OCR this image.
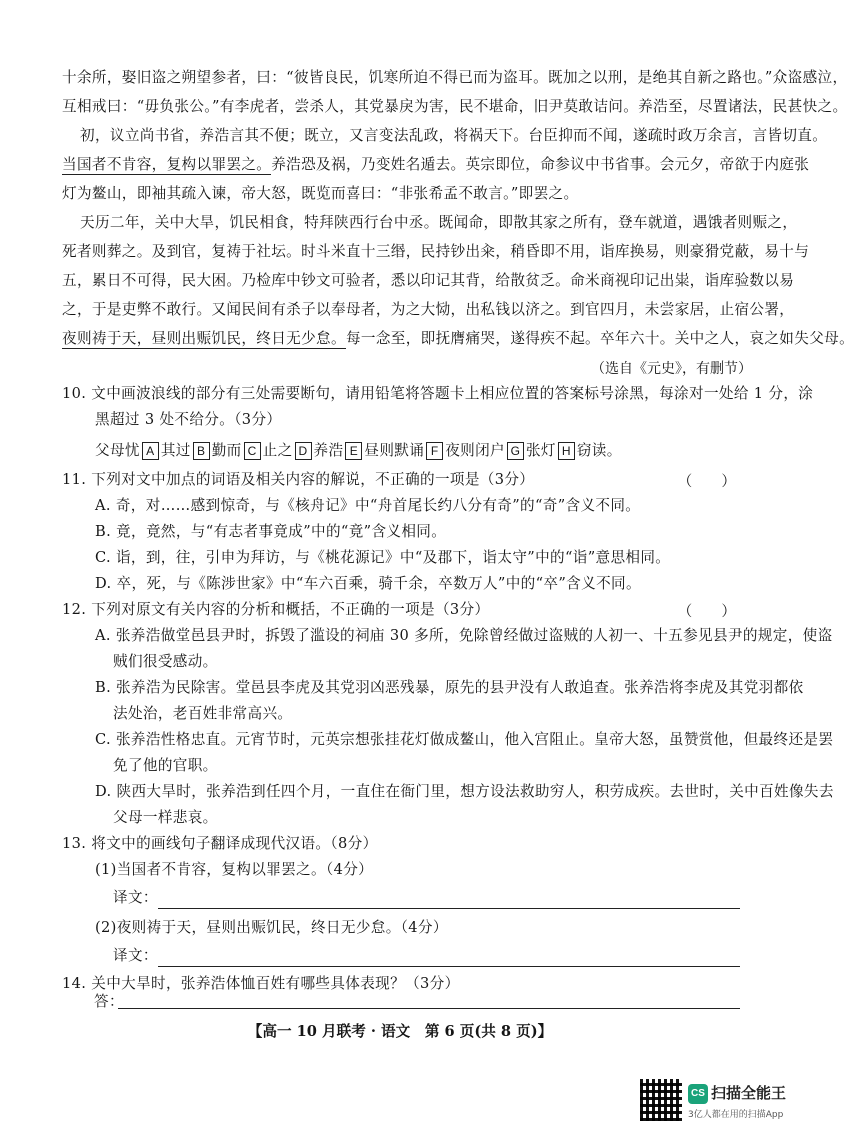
十余所，娶旧盗之朔望参者，曰：“彼皆良民，饥寒所迫不得已而为盗耳。既加之以刑，是绝其自新之路也。”众盗感泣，
互相戒曰：“毋负张公。”有李虎者，尝杀人，其党暴戾为害，民不堪命，旧尹莫敢诘问。养浩至，尽置诸法，民甚快之。
初，议立尚书省，养浩言其不便；既立，又言变法乱政，将祸天下。台臣抑而不闻，遂疏时政万余言，言皆切直。
当国者不肯容，复构以罪罢之。养浩恐及祸，乃变姓名遁去。英宗即位，命参议中书省事。会元夕，帝欲于内庭张
灯为鳌山，即袖其疏入谏，帝大怒，既览而喜曰：“非张希孟不敢言。”即罢之。
天历二年，关中大旱，饥民相食，特拜陕西行台中丞。既闻命，即散其家之所有，登车就道，遇饿者则赈之，
死者则葬之。及到官，复祷于社坛。时斗米直十三缗，民持钞出籴，稍昏即不用，诣库换易，则豪猾党蔽，易十与
五，累日不可得，民大困。乃检库中钞文可验者，悉以印记其背，给散贫乏。命米商视印记出粜，诣库验数以易
之，于是吏弊不敢行。又闻民间有杀子以奉母者，为之大恸，出私钱以济之。到官四月，未尝家居，止宿公署，
夜则祷于天，昼则出赈饥民，终日无少怠。每一念至，即抚膺痛哭，遂得疾不起。卒年六十。关中之人，哀之如失父母。
（选自《元史》，有删节）
10. 文中画波浪线的部分有三处需要断句，请用铅笔将答题卡上相应位置的答案标号涂黑，每涂对一处给 1 分，涂
黑超过 3 处不给分。（3分）
父母忧 A 其过 B 勤而 C 止之 D 养浩 E 昼则默诵 F 夜则闭户 G 张灯 H 窃读。
11. 下列对文中加点的词语及相关内容的解说，不正确的一项是（3分）	（　　）
A. 奇，对……感到惊奇，与《核舟记》中“舟首尾长约八分有奇”的“奇”含义不同。
B. 竟，竟然，与“有志者事竟成”中的“竟”含义相同。
C. 诣，到，往，引申为拜访，与《桃花源记》中“及郡下，诣太守”中的“诣”意思相同。
D. 卒，死，与《陈涉世家》中“车六百乘，骑千余，卒数万人”中的“卒”含义不同。
12. 下列对原文有关内容的分析和概括，不正确的一项是（3分）	（　　）
A. 张养浩做堂邑县尹时，拆毁了滥设的祠庙 30 多所，免除曾经做过盗贼的人初一、十五参见县尹的规定，使盗
贼们很受感动。
B. 张养浩为民除害。堂邑县李虎及其党羽凶恶残暴，原先的县尹没有人敢追查。张养浩将李虎及其党羽都依
法处治，老百姓非常高兴。
C. 张养浩性格忠直。元宵节时，元英宗想张挂花灯做成鳌山，他入宫阻止。皇帝大怒，虽赞赏他，但最终还是罢
免了他的官职。
D. 陕西大旱时，张养浩到任四个月，一直住在衙门里，想方设法救助穷人，积劳成疾。去世时，关中百姓像失去
父母一样悲哀。
13. 将文中的画线句子翻译成现代汉语。（8分）
(1)当国者不肯容，复构以罪罢之。（4分）
译文：
(2)夜则祷于天，昼则出赈饥民，终日无少怠。（4分）
译文：
14. 关中大旱时，张养浩体恤百姓有哪些具体表现？（3分）
答：
【高一 10 月联考 · 语文　第 6 页(共 8 页)】
CS 扫描全能王
3亿人都在用的扫描App
